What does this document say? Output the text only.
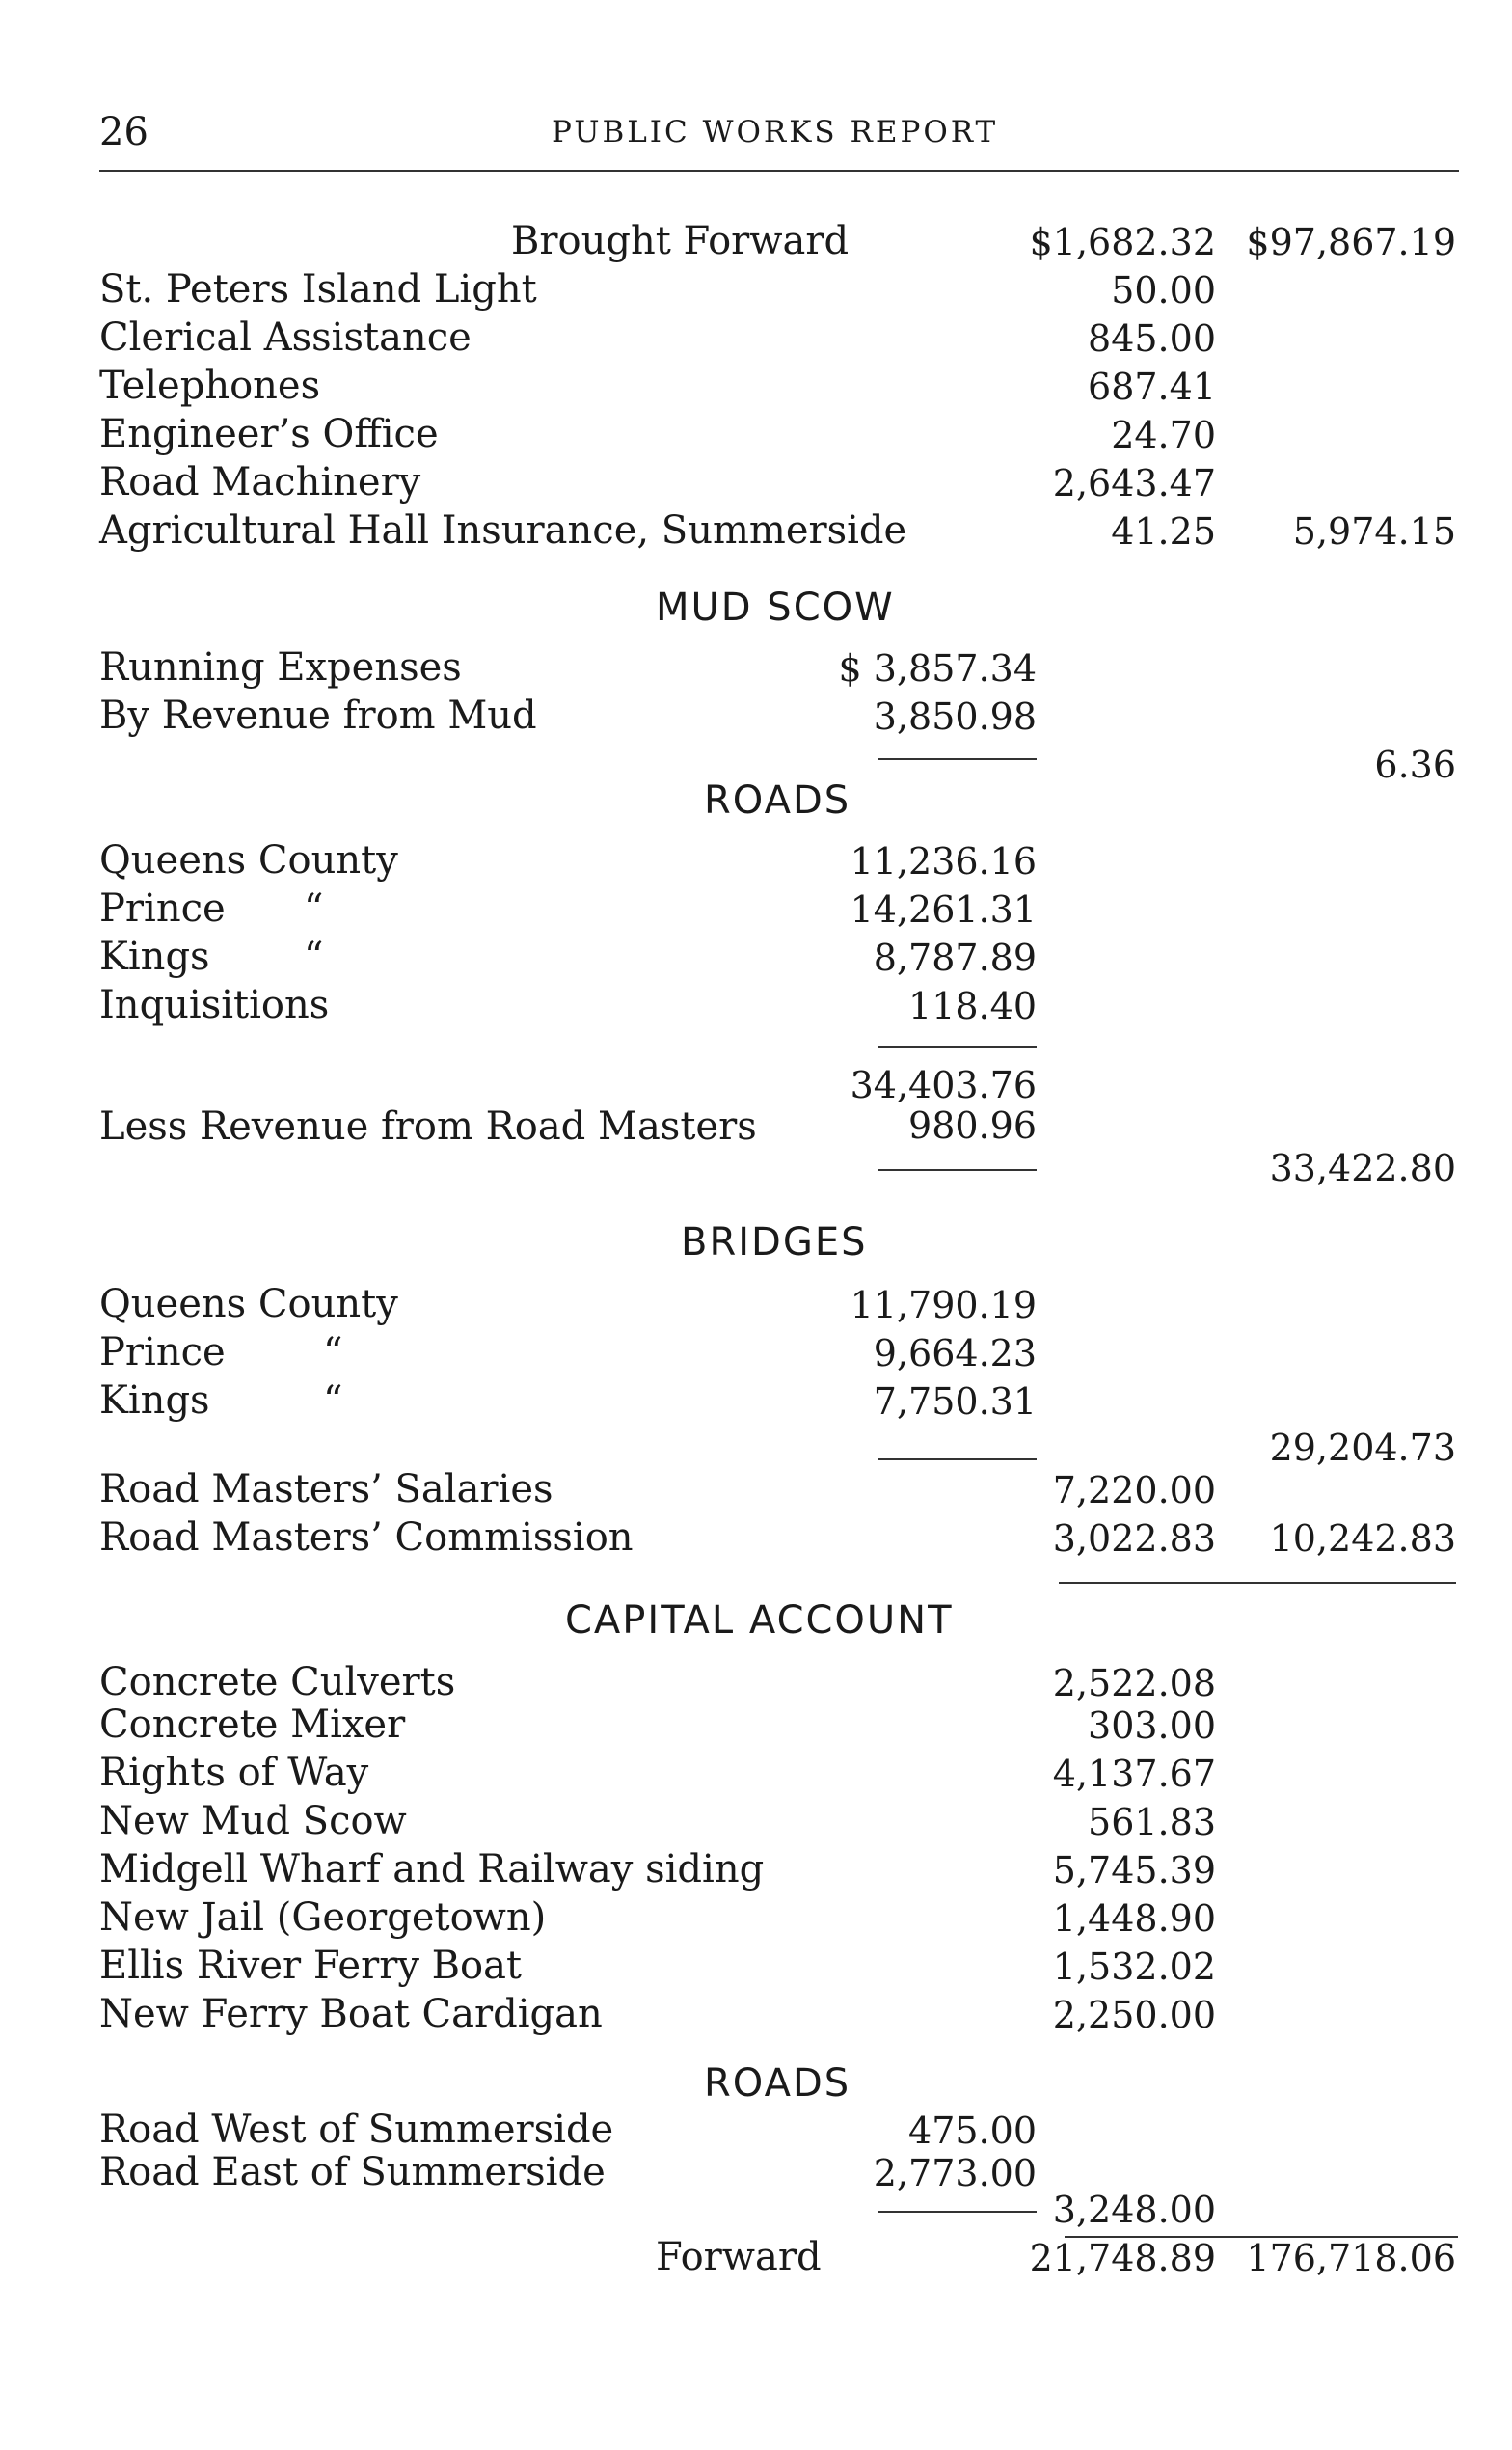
26	PUBLIC WORKS REPORT
Brought Forward	$1,682.32 $97,867.19
St. Peters Island Light	50.00
Clerical Assistance	845.00
Telephones	687.41
Engineer’s Office	24.70
Road Machinery	2,643.47
Agricultural Hall Insurance, Summerside	41.25 5,974.15
MUD SCOW
Running Expenses	$ 3,857.34
By Revenue from Mud	3,850.98
6.36
ROADS
Queens County	11,236.16
Prince “	14,261.31
Kings “	8,787.89
Inquisitions	118.40
34,403.76
Less Revenue from Road Masters	980.96
33,422.80
BRIDGES
Queens County	11,790.19
Prince	“	9,664.23
Kings	“	7,750.31
29,204.73
Road Masters’ Salaries	7,220.00
Road Masters’ Commission	3,022.83 10,242.83
CAPITAL ACCOUNT
Concrete Culverts	2,522.08
Concrete Mixer	303.00
Rights of Way	4,137.67
New Mud Scow	561.83
Midgell Wharf and Railway siding	5,745.39
New Jail (Georgetown)	1,448.90
Ellis River Ferry Boat	1,532.02
New Ferry Boat Cardigan	2,250.00
ROADS
Road West of Summerside	475.00
Road East of Summerside	2,773.00
3,248.00
Forward	21,748.89 176,718.06
